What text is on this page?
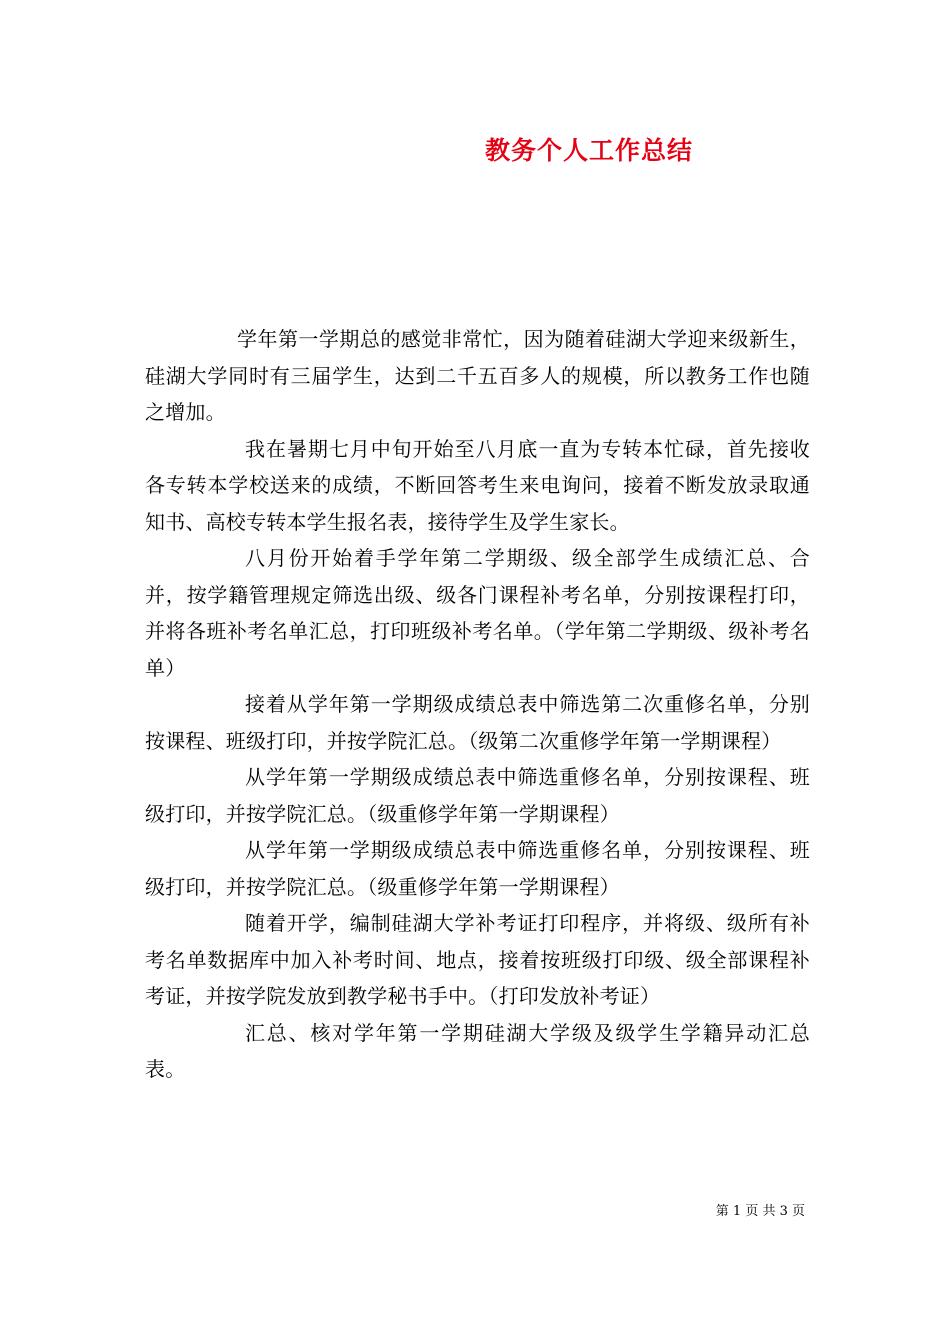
教务个人工作总结

学年第一学期总的感觉非常忙，因为随着硅湖大学迎来级新生，硅湖大学同时有三届学生，达到二千五百多人的规模，所以教务工作也随之增加。

我在暑期七月中旬开始至八月底一直为专转本忙碌，首先接收各专转本学校送来的成绩，不断回答考生来电询问，接着不断发放录取通知书、高校专转本学生报名表，接待学生及学生家长。

八月份开始着手学年第二学期级、级全部学生成绩汇总、合并，按学籍管理规定筛选出级、级各门课程补考名单，分别按课程打印，并将各班补考名单汇总，打印班级补考名单。（学年第二学期级、级补考名单）

接着从学年第一学期级成绩总表中筛选第二次重修名单，分别按课程、班级打印，并按学院汇总。（级第二次重修学年第一学期课程）

从学年第一学期级成绩总表中筛选重修名单，分别按课程、班级打印，并按学院汇总。（级重修学年第一学期课程）

从学年第一学期级成绩总表中筛选重修名单，分别按课程、班级打印，并按学院汇总。（级重修学年第一学期课程）

随着开学，编制硅湖大学补考证打印程序，并将级、级所有补考名单数据库中加入补考时间、地点，接着按班级打印级、级全部课程补考证，并按学院发放到教学秘书手中。（打印发放补考证）

汇总、核对学年第一学期硅湖大学级及级学生学籍异动汇总表。

第 1 页 共 3 页
